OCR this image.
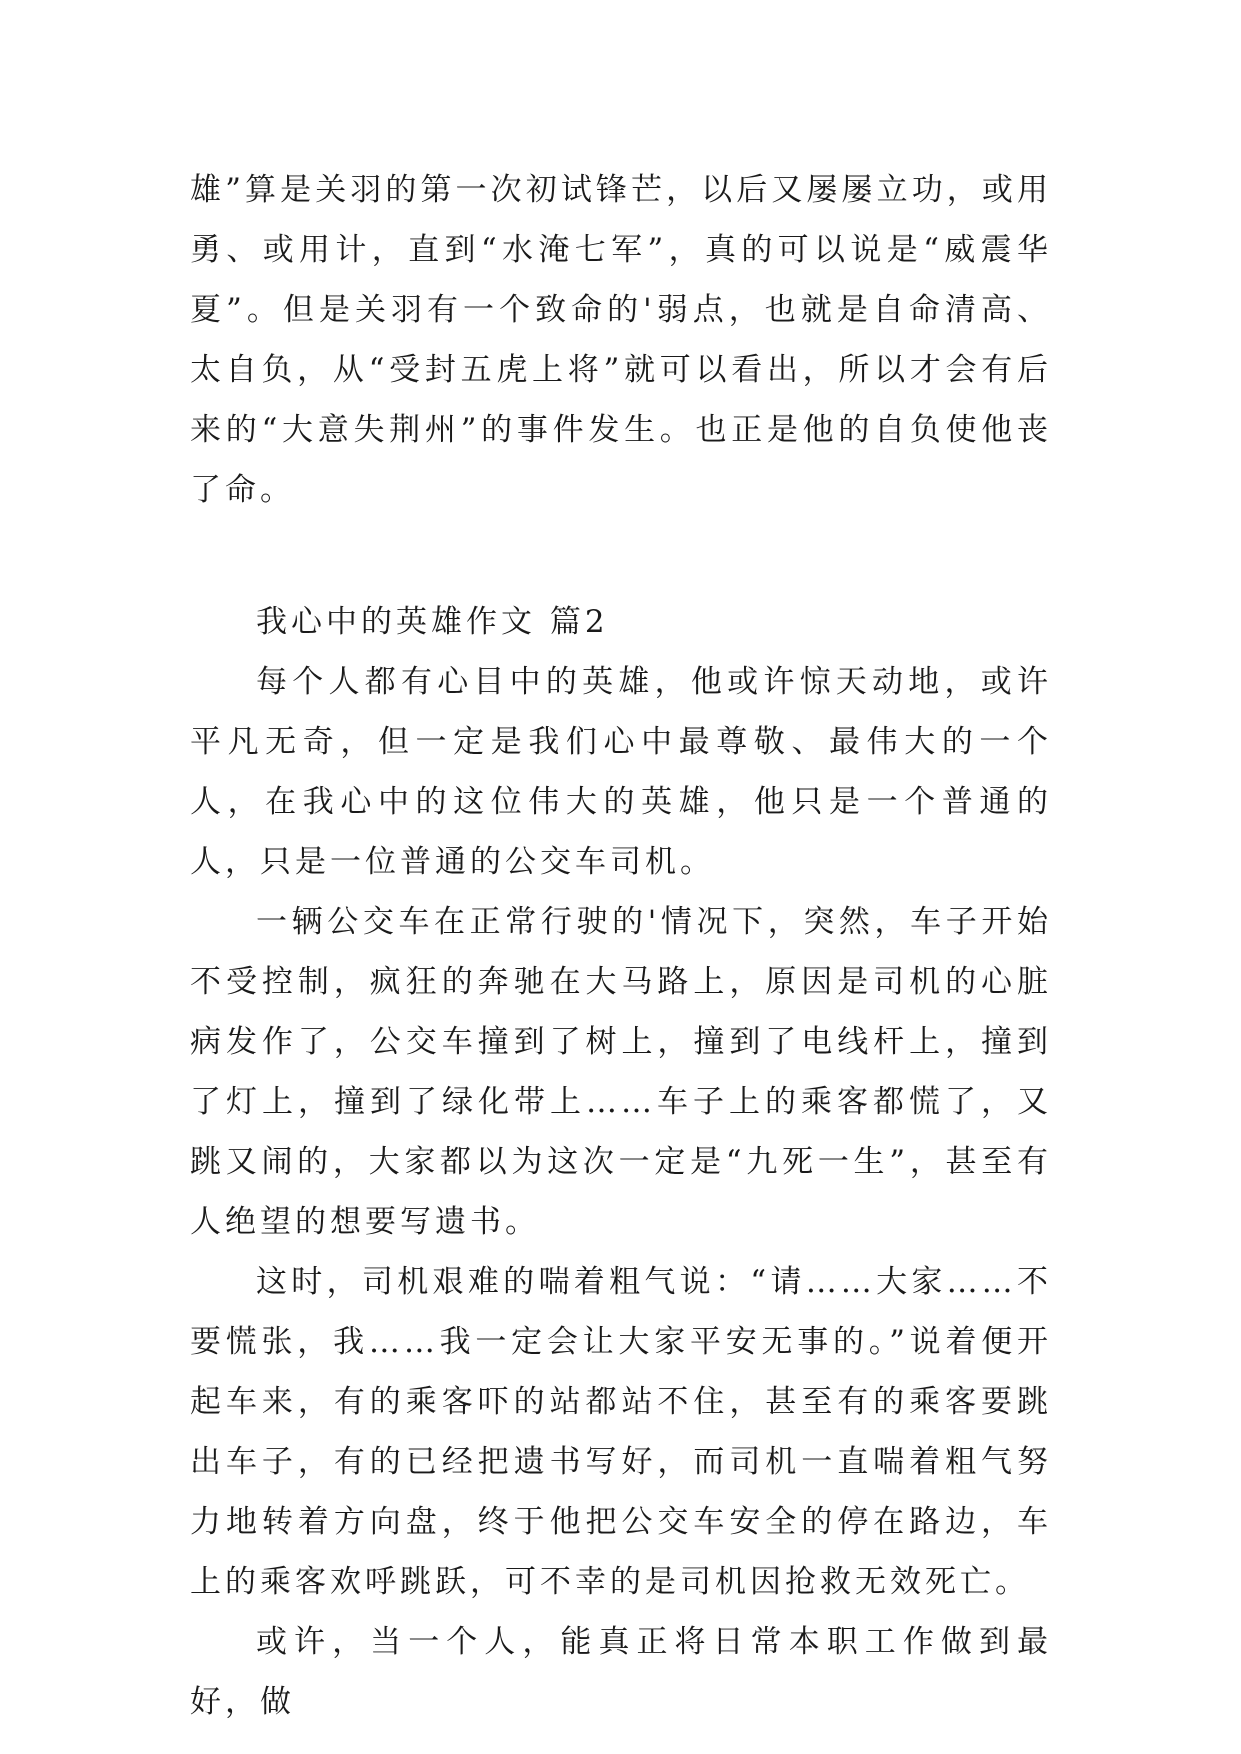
雄”算是关羽的第一次初试锋芒，以后又屡屡立功，或用勇、或用计，直到“水淹七军”，真的可以说是“威震华夏”。但是关羽有一个致命的'弱点，也就是自命清高、太自负，从“受封五虎上将”就可以看出，所以才会有后来的“大意失荆州”的事件发生。也正是他的自负使他丧了命。

我心中的英雄作文 篇2

每个人都有心目中的英雄，他或许惊天动地，或许平凡无奇，但一定是我们心中最尊敬、最伟大的一个人，在我心中的这位伟大的英雄，他只是一个普通的人，只是一位普通的公交车司机。

一辆公交车在正常行驶的'情况下，突然，车子开始不受控制，疯狂的奔驰在大马路上，原因是司机的心脏病发作了，公交车撞到了树上，撞到了电线杆上，撞到了灯上，撞到了绿化带上……车子上的乘客都慌了，又跳又闹的，大家都以为这次一定是“九死一生”，甚至有人绝望的想要写遗书。

这时，司机艰难的喘着粗气说：“请……大家……不要慌张，我……我一定会让大家平安无事的。”说着便开起车来，有的乘客吓的站都站不住，甚至有的乘客要跳出车子，有的已经把遗书写好，而司机一直喘着粗气努力地转着方向盘，终于他把公交车安全的停在路边，车上的乘客欢呼跳跃，可不幸的是司机因抢救无效死亡。

或许，当一个人，能真正将日常本职工作做到最好，做
